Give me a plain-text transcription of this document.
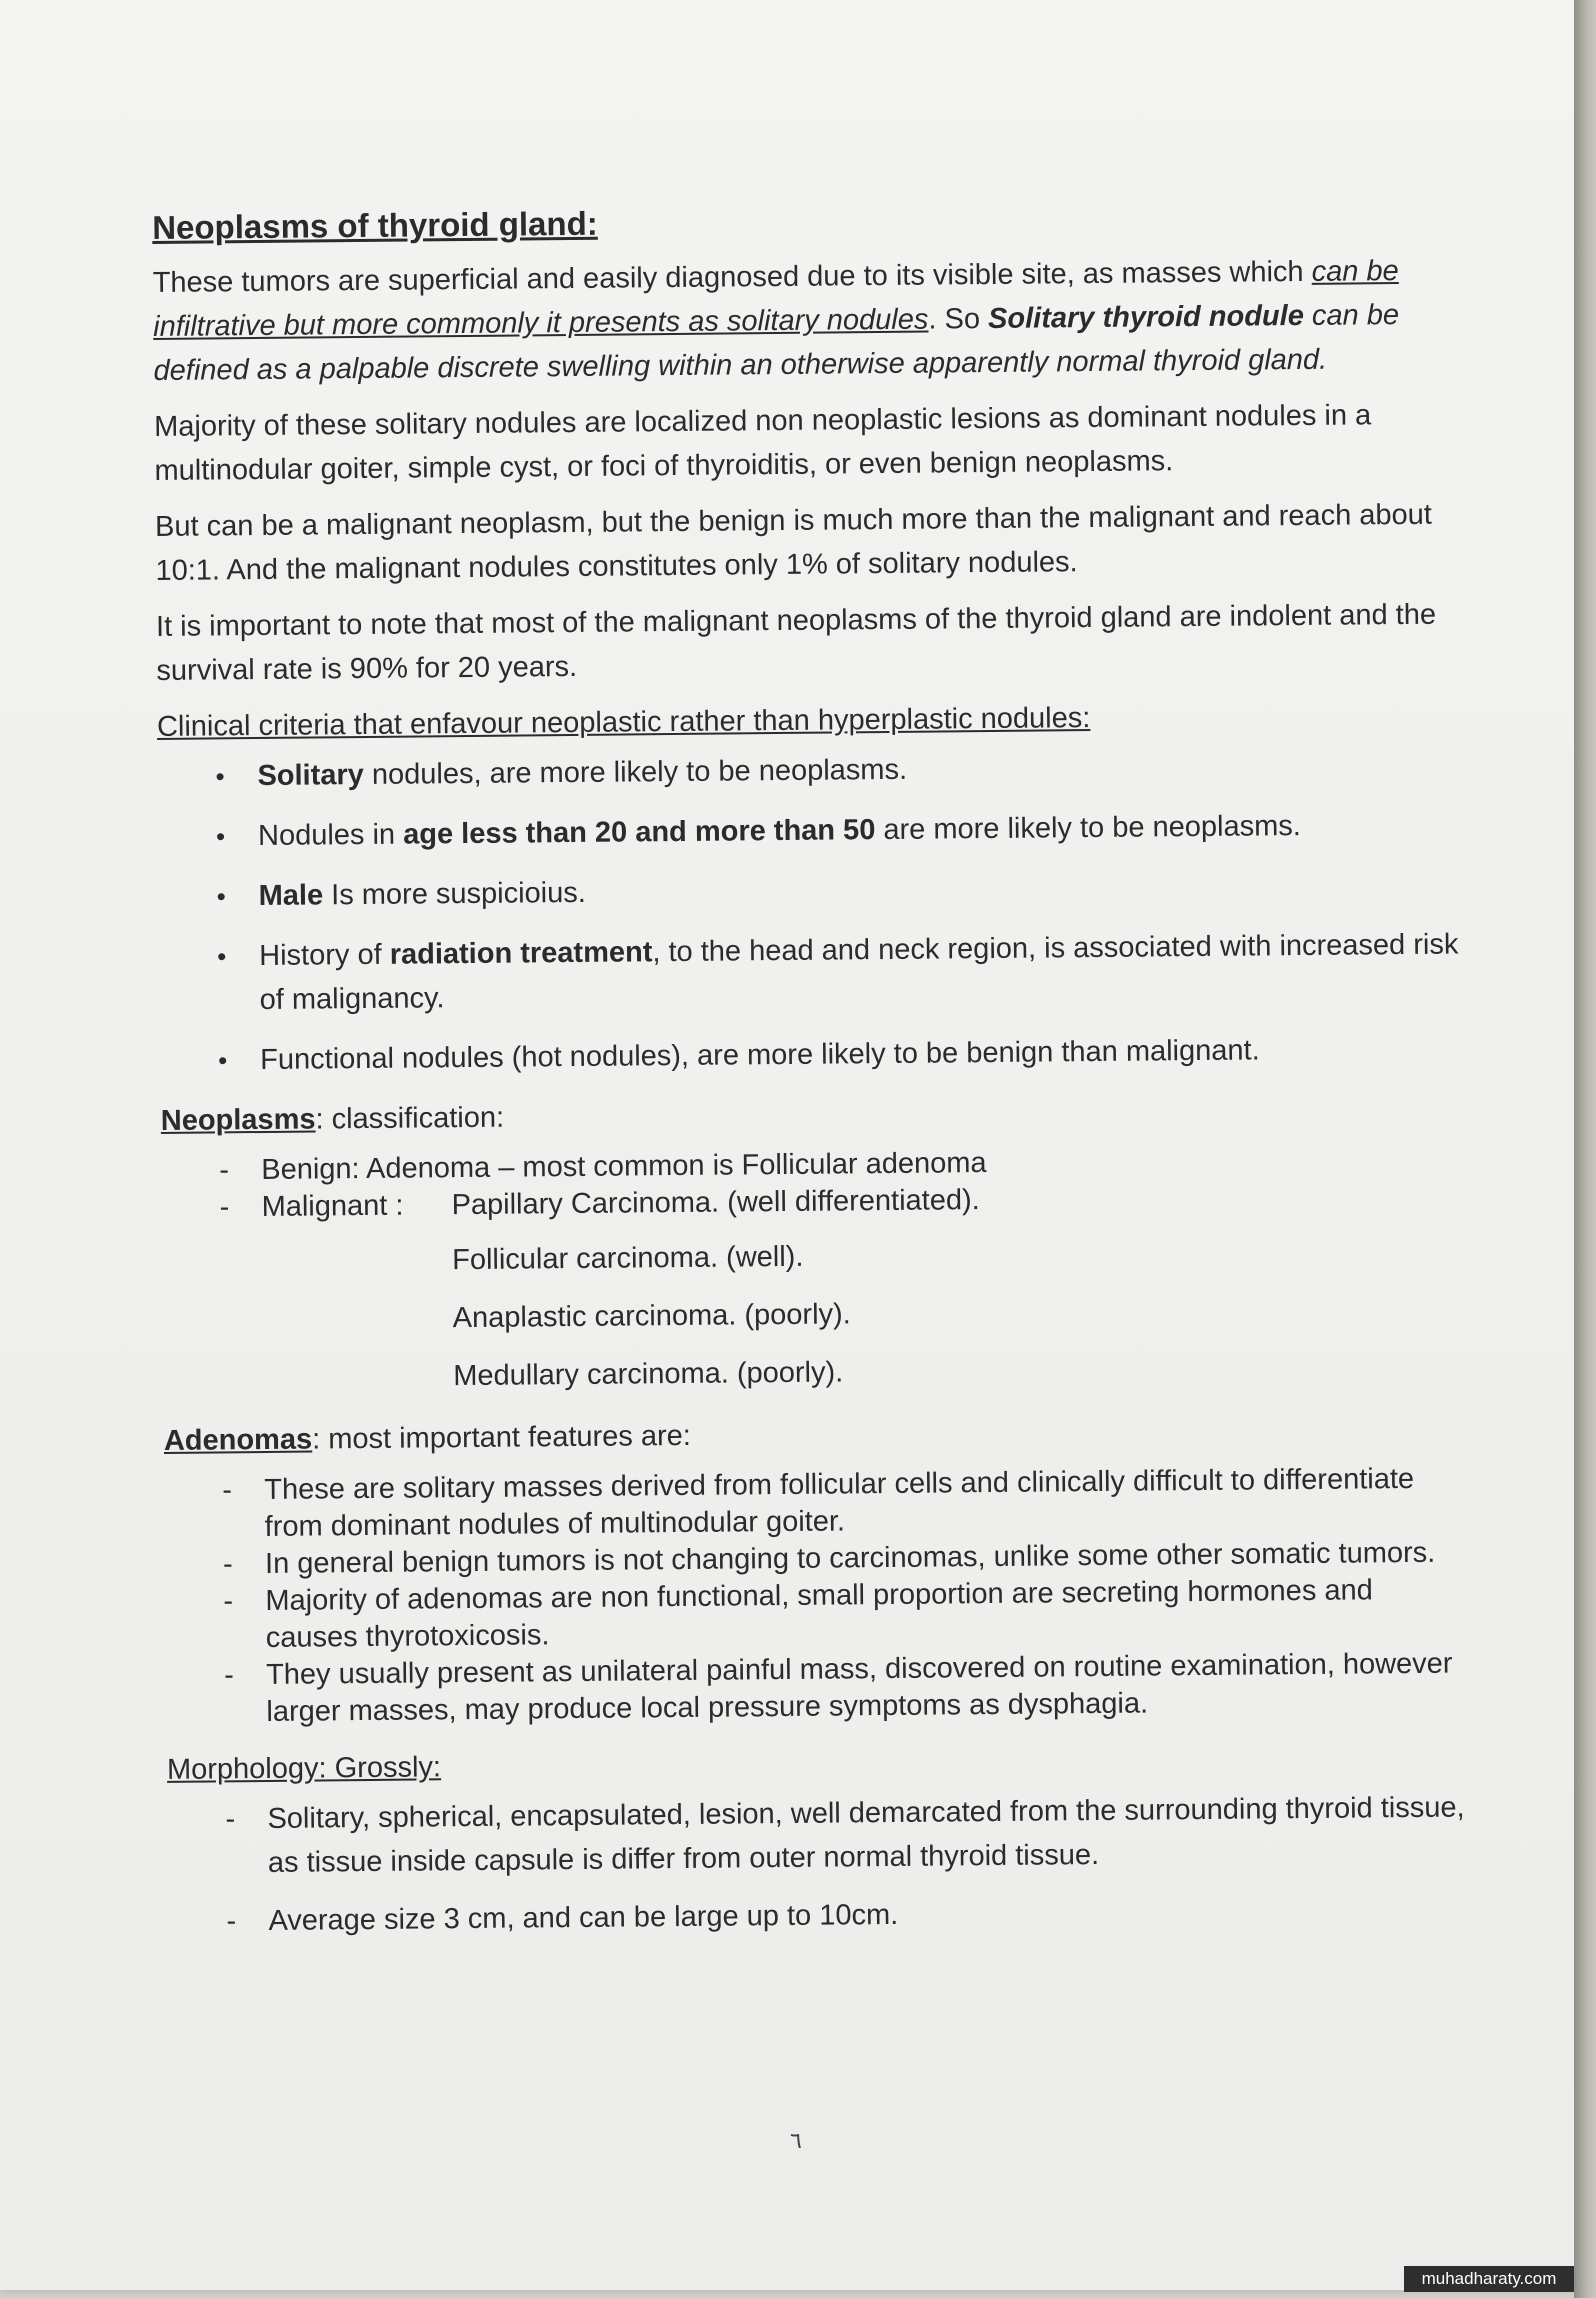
Neoplasms of thyroid gland:

These tumors are superficial and easily diagnosed due to its visible site, as masses which can be infiltrative but more commonly it presents as solitary nodules. So Solitary thyroid nodule can be defined as a palpable discrete swelling within an otherwise apparently normal thyroid gland.

Majority of these solitary nodules are localized non neoplastic lesions as dominant nodules in a multinodular goiter, simple cyst, or foci of thyroiditis, or even benign neoplasms.

But can be a malignant neoplasm, but the benign is much more than the malignant and reach about 10:1. And the malignant nodules constitutes only 1% of solitary nodules.

It is important to note that most of the malignant neoplasms of the thyroid gland are indolent and the survival rate is 90% for 20 years.

Clinical criteria that enfavour neoplastic rather than hyperplastic nodules:
• Solitary nodules, are more likely to be neoplasms.
• Nodules in age less than 20 and more than 50 are more likely to be neoplasms.
• Male Is more suspicioius.
• History of radiation treatment, to the head and neck region, is associated with increased risk of malignancy.
• Functional nodules (hot nodules), are more likely to be benign than malignant.
Neoplasms: classification:
- Benign: Adenoma – most common is Follicular adenoma
- Malignant :	Papillary Carcinoma. (well differentiated).
Follicular carcinoma. (well).
Anaplastic carcinoma. (poorly).
Medullary carcinoma. (poorly).
Adenomas: most important features are:
- These are solitary masses derived from follicular cells and clinically difficult to differentiate from dominant nodules of multinodular goiter.
- In general benign tumors is not changing to carcinomas, unlike some other somatic tumors.
- Majority of adenomas are non functional, small proportion are secreting hormones and causes thyrotoxicosis.
- They usually present as unilateral painful mass, discovered on routine examination, however larger masses, may produce local pressure symptoms as dysphagia.
Morphology: Grossly:
- Solitary, spherical, encapsulated, lesion, well demarcated from the surrounding thyroid tissue, as tissue inside capsule is differ from outer normal thyroid tissue.
- Average size 3 cm, and can be large up to 10cm.
٦
muhadharaty.com
